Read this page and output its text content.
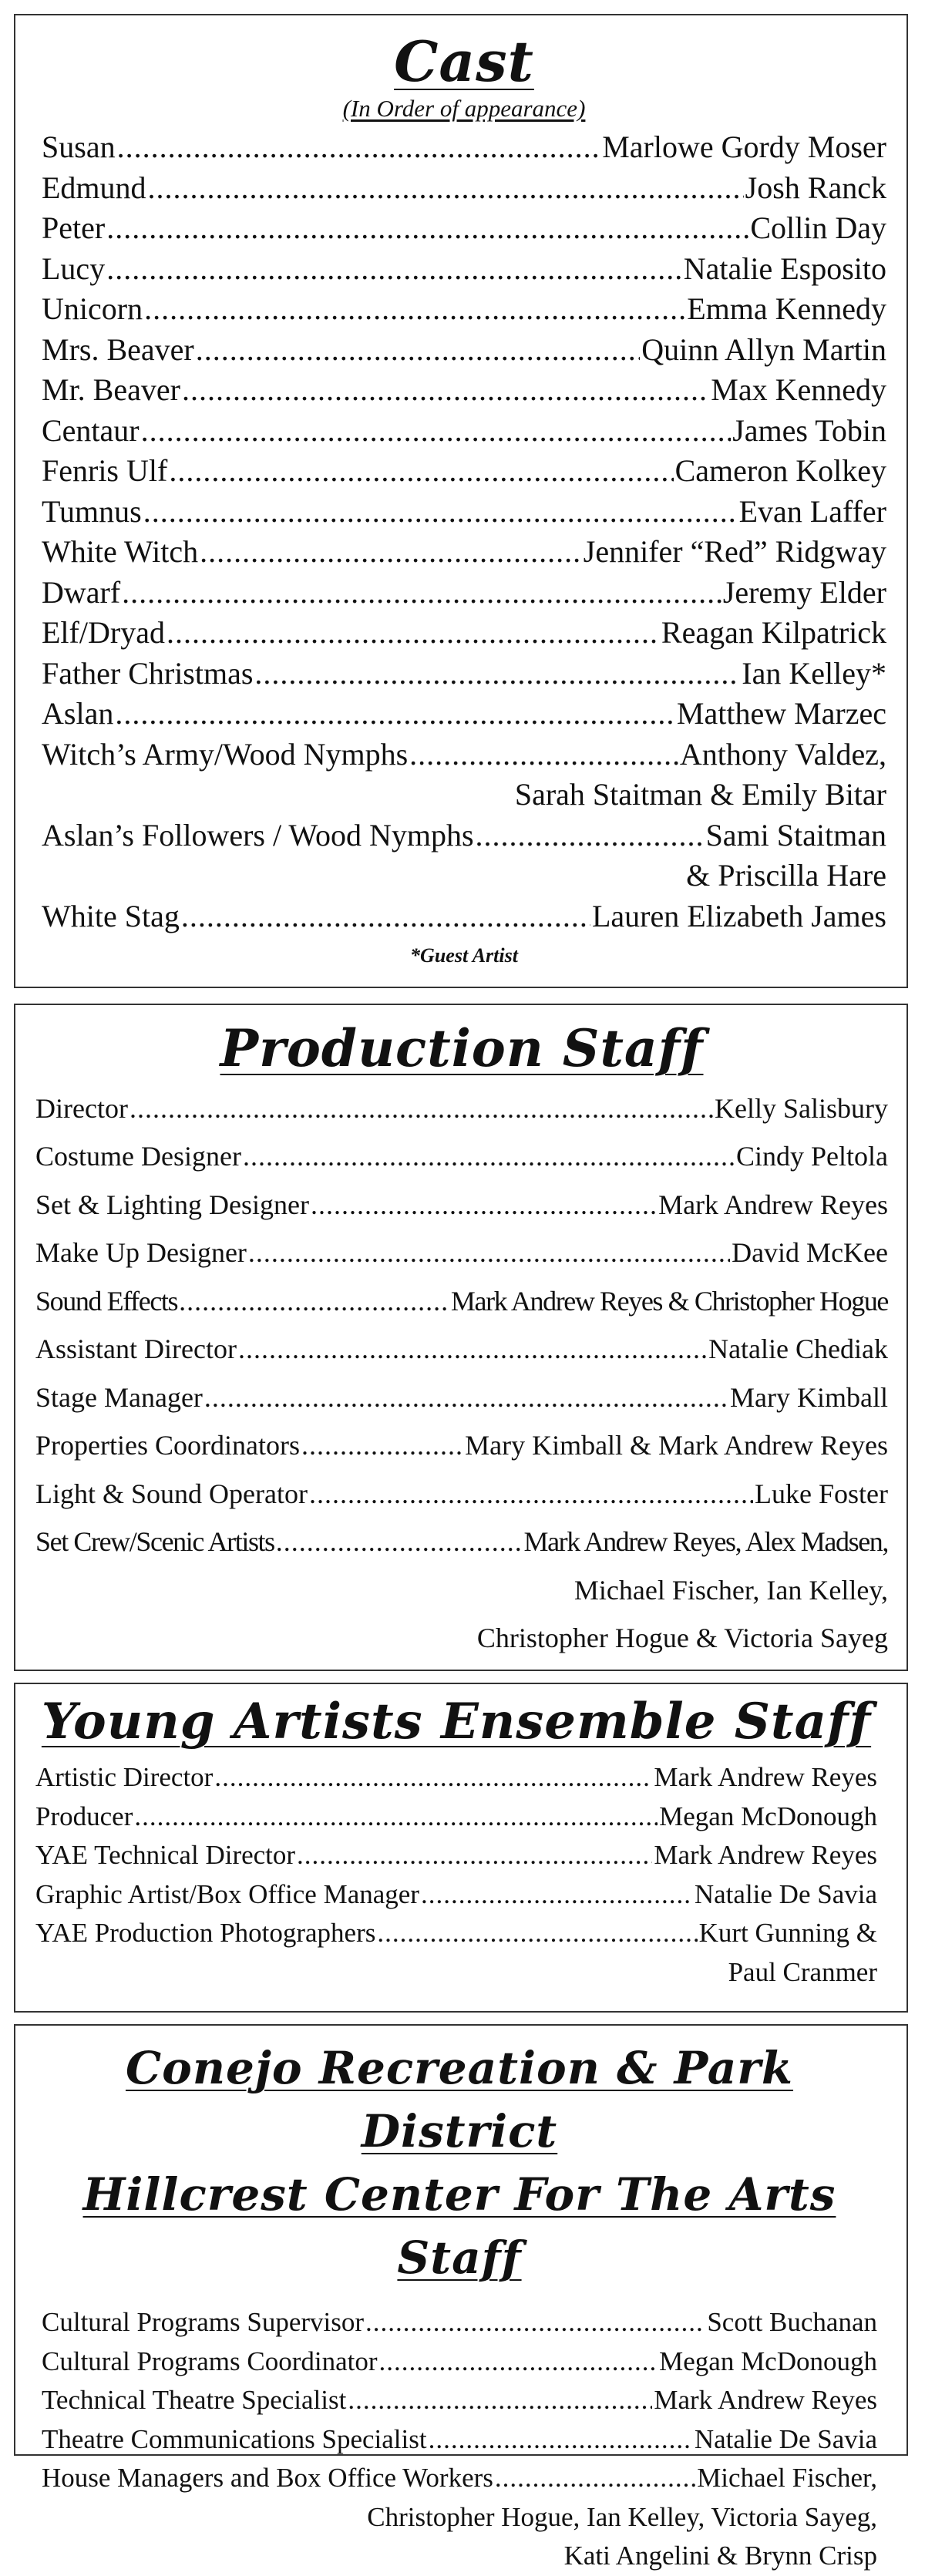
Cast
(In Order of appearance)
Susan .....	Marlowe Gordy Moser
Edmund .....	Josh Ranck
Peter .....	Collin Day
Lucy .....	Natalie Esposito
Unicorn .....	Emma Kennedy
Mrs. Beaver .....	Quinn Allyn Martin
Mr. Beaver .....	Max Kennedy
Centaur .....	James Tobin
Fenris Ulf .....	Cameron Kolkey
Tumnus .....	Evan Laffer
White Witch .....	Jennifer “Red” Ridgway
Dwarf .....	Jeremy Elder
Elf/Dryad .....	Reagan Kilpatrick
Father Christmas .....	Ian Kelley*
Aslan .....	Matthew Marzec
Witch’s Army/Wood Nymphs .....	Anthony Valdez,
Sarah Staitman & Emily Bitar
Aslan’s Followers / Wood Nymphs .....	Sami Staitman
& Priscilla Hare
White Stag .....	Lauren Elizabeth James
*Guest Artist
Production Staff
Director .....	Kelly Salisbury
Costume Designer .....	Cindy Peltola
Set & Lighting Designer .....	Mark Andrew Reyes
Make Up Designer .....	David McKee
Sound Effects .....	Mark Andrew Reyes & Christopher Hogue
Assistant Director .....	Natalie Chediak
Stage Manager .....	Mary Kimball
Properties Coordinators .....	Mary Kimball & Mark Andrew Reyes
Light & Sound Operator .....	Luke Foster
Set Crew/Scenic Artists .....	Mark Andrew Reyes, Alex Madsen,
Michael Fischer, Ian Kelley,
Christopher Hogue & Victoria Sayeg
Young Artists Ensemble Staff
Artistic Director .....	Mark Andrew Reyes
Producer .....	Megan McDonough
YAE Technical Director .....	Mark Andrew Reyes
Graphic Artist/Box Office Manager .....	Natalie De Savia
YAE Production Photographers .....	Kurt Gunning &
Paul Cranmer
Conejo Recreation & Park District
Hillcrest Center For The Arts Staff
Cultural Programs Supervisor .....	Scott Buchanan
Cultural Programs Coordinator .....	Megan McDonough
Technical Theatre Specialist .....	Mark Andrew Reyes
Theatre Communications Specialist .....	Natalie De Savia
House Managers and Box Office Workers .....	Michael Fischer,
Christopher Hogue, Ian Kelley, Victoria Sayeg,
Kati Angelini & Brynn Crisp
